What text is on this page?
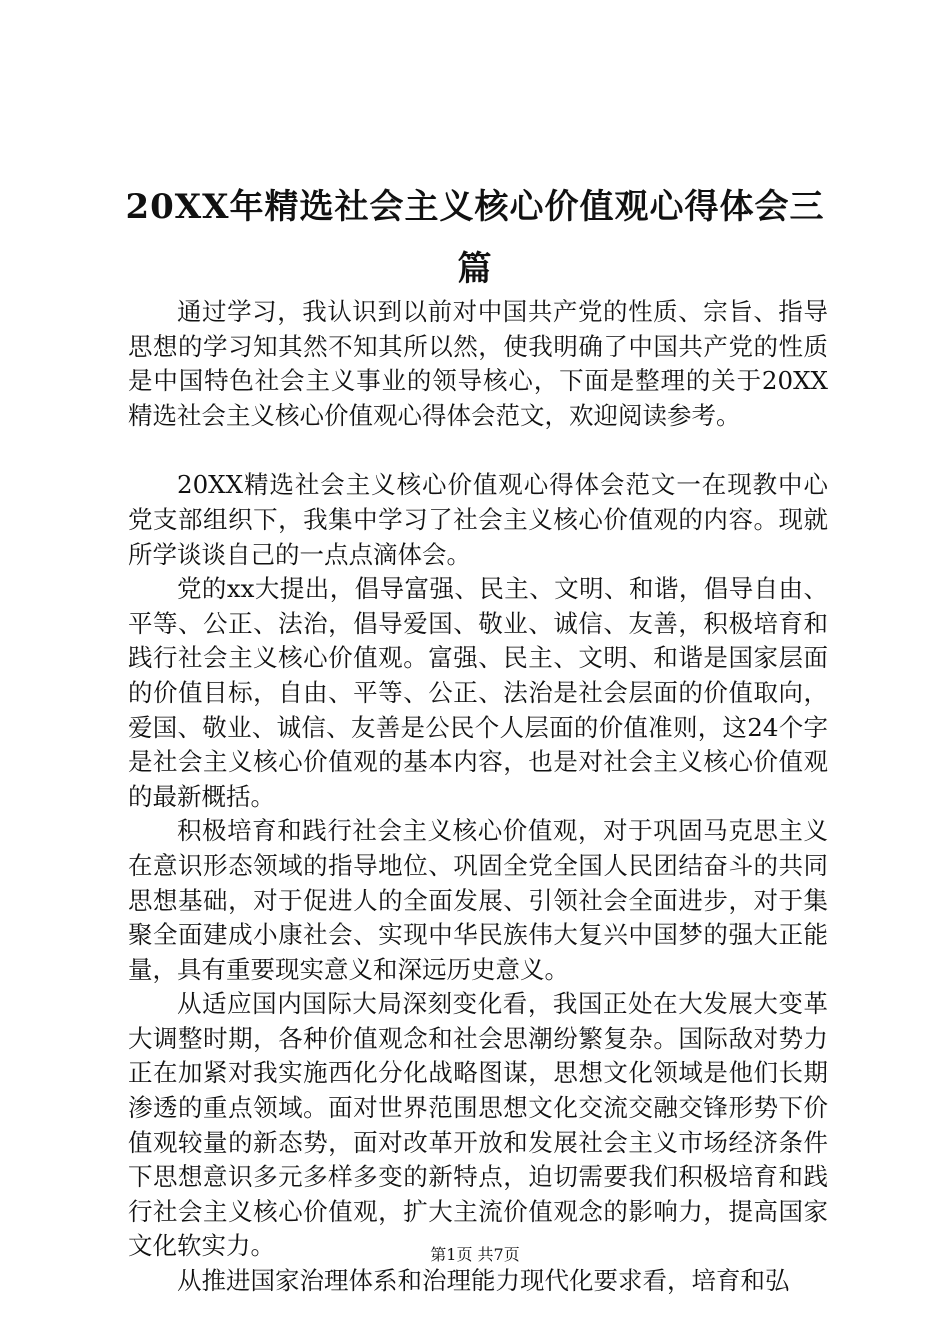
20XX年精选社会主义核心价值观心得体会三篇

通过学习，我认识到以前对中国共产党的性质、宗旨、指导思想的学习知其然不知其所以然，使我明确了中国共产党的性质是中国特色社会主义事业的领导核心，下面是整理的关于20XX精选社会主义核心价值观心得体会范文，欢迎阅读参考。

20XX精选社会主义核心价值观心得体会范文一在现教中心党支部组织下，我集中学习了社会主义核心价值观的内容。现就所学谈谈自己的一点点滴体会。

党的xx大提出，倡导富强、民主、文明、和谐，倡导自由、平等、公正、法治，倡导爱国、敬业、诚信、友善，积极培育和践行社会主义核心价值观。富强、民主、文明、和谐是国家层面的价值目标，自由、平等、公正、法治是社会层面的价值取向，爱国、敬业、诚信、友善是公民个人层面的价值准则，这24个字是社会主义核心价值观的基本内容，也是对社会主义核心价值观的最新概括。

积极培育和践行社会主义核心价值观，对于巩固马克思主义在意识形态领域的指导地位、巩固全党全国人民团结奋斗的共同思想基础，对于促进人的全面发展、引领社会全面进步，对于集聚全面建成小康社会、实现中华民族伟大复兴中国梦的强大正能量，具有重要现实意义和深远历史意义。

从适应国内国际大局深刻变化看，我国正处在大发展大变革大调整时期，各种价值观念和社会思潮纷繁复杂。国际敌对势力正在加紧对我实施西化分化战略图谋，思想文化领域是他们长期渗透的重点领域。面对世界范围思想文化交流交融交锋形势下价值观较量的新态势，面对改革开放和发展社会主义市场经济条件下思想意识多元多样多变的新特点，迫切需要我们积极培育和践行社会主义核心价值观，扩大主流价值观念的影响力，提高国家文化软实力。

从推进国家治理体系和治理能力现代化要求看，培育和弘

第1页 共7页
